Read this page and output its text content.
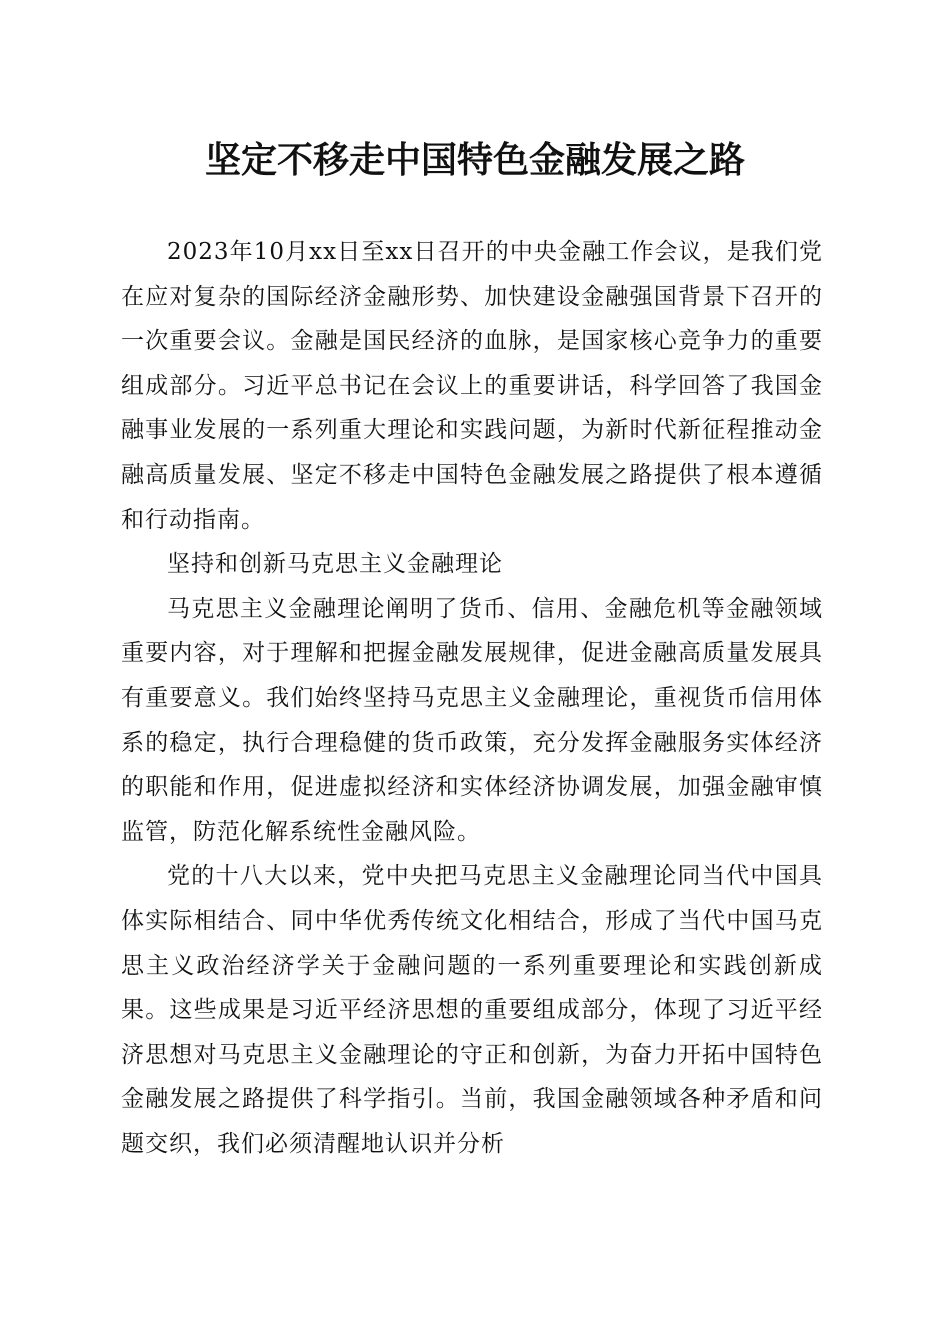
坚定不移走中国特色金融发展之路

2023年10月xx日至xx日召开的中央金融工作会议，是我们党在应对复杂的国际经济金融形势、加快建设金融强国背景下召开的一次重要会议。金融是国民经济的血脉，是国家核心竞争力的重要组成部分。习近平总书记在会议上的重要讲话，科学回答了我国金融事业发展的一系列重大理论和实践问题，为新时代新征程推动金融高质量发展、坚定不移走中国特色金融发展之路提供了根本遵循和行动指南。

坚持和创新马克思主义金融理论

马克思主义金融理论阐明了货币、信用、金融危机等金融领域重要内容，对于理解和把握金融发展规律，促进金融高质量发展具有重要意义。我们始终坚持马克思主义金融理论，重视货币信用体系的稳定，执行合理稳健的货币政策，充分发挥金融服务实体经济的职能和作用，促进虚拟经济和实体经济协调发展，加强金融审慎监管，防范化解系统性金融风险。

党的十八大以来，党中央把马克思主义金融理论同当代中国具体实际相结合、同中华优秀传统文化相结合，形成了当代中国马克思主义政治经济学关于金融问题的一系列重要理论和实践创新成果。这些成果是习近平经济思想的重要组成部分，体现了习近平经济思想对马克思主义金融理论的守正和创新，为奋力开拓中国特色金融发展之路提供了科学指引。当前，我国金融领域各种矛盾和问题交织，我们必须清醒地认识并分析
